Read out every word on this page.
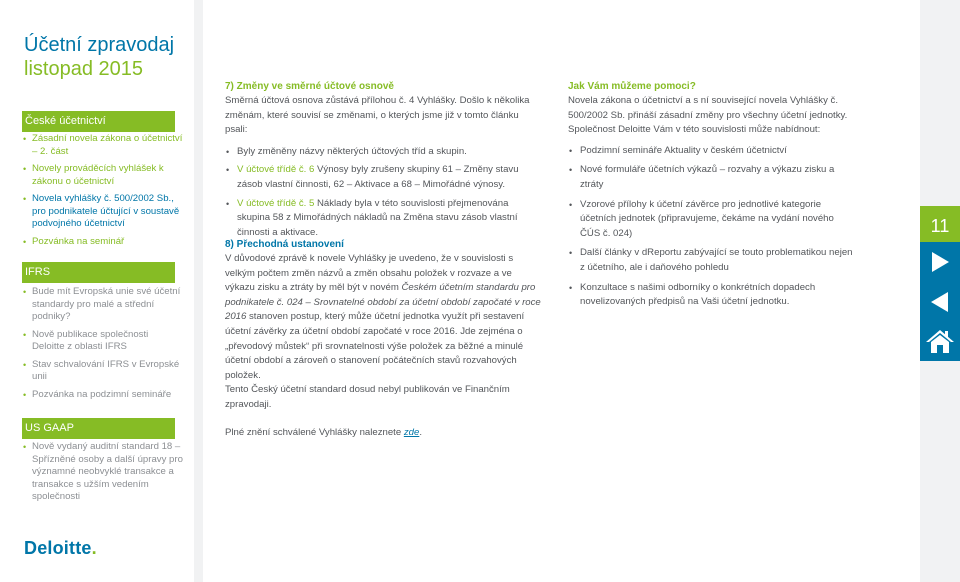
Účetní zpravodaj
listopad 2015
České účetnictví
• Zásadní novela zákona o účetnictví – 2. část
• Novely prováděcích vyhlášek k zákonu o účetnictví
• Novela vyhlášky č. 500/2002 Sb., pro podnikatele účtující v soustavě podvojného účetnictví
• Pozvánka na seminář
IFRS
• Bude mít Evropská unie své účetní standardy pro malé a střední podniky?
• Nově publikace společnosti Deloitte z oblasti IFRS
• Stav schvalování IFRS v Evropské unii
• Pozvánka na podzimní semináře
US GAAP
• Nově vydaný auditní standard 18 – Spřízněné osoby a další úpravy pro významné neobvyklé transakce a transakce s užším vedením společnosti
Deloitte.
7) Změny ve směrné účtové osnově

Směrná účtová osnova zůstává přílohou č. 4 Vyhlášky. Došlo k několika změnám, které souvisí se změnami, o kterých jsme již v tomto článku psali:

• Byly změněny názvy některých účtových tříd a skupin.
• V účtové třídě č. 6 Výnosy byly zrušeny skupiny 61 – Změny stavu zásob vlastní činnosti, 62 – Aktivace a 68 – Mimořádné výnosy.
• V účtové třídě č. 5 Náklady byla v této souvislosti přejmenována skupina 58 z Mimořádných nákladů na Změna stavu zásob vlastní činnosti a aktivace.
8) Přechodná ustanovení

V důvodové zprávě k novele Vyhlášky je uvedeno, že v souvislosti s velkým počtem změn názvů a změn obsahu položek v rozvaze a ve výkazu zisku a ztráty by měl být v novém Českém účetním standardu pro podnikatele č. 024 – Srovnatelné období za účetní období započaté v roce 2016 stanoven postup, který může účetní jednotka využít při sestavení účetní závěrky za účetní období započaté v roce 2016. Jde zejména o „převodový můstek“ při srovnatelnosti výše položek za běžné a minulé účetní období a zároveň o stanovení počátečních stavů rozvahových položek.

Tento Český účetní standard dosud nebyl publikován ve Finančním zpravodaji.

Plné znění schválené Vyhlášky naleznete zde.

Jak Vám můžeme pomoci?

Novela zákona o účetnictví a s ní související novela Vyhlášky č. 500/2002 Sb. přináší zásadní změny pro všechny účetní jednotky. Společnost Deloitte Vám v této souvislosti může nabídnout:

• Podzimní semináře Aktuality v českém účetnictví
• Nové formuláře účetních výkazů – rozvahy a výkazu zisku a ztráty
• Vzorové přílohy k účetní závěrce pro jednotlivé kategorie účetních jednotek (připravujeme, čekáme na vydání nového ČÚS č. 024)
• Další články v dReportu zabývající se touto problematikou nejen z účetního, ale i daňového pohledu
• Konzultace s našimi odborníky o konkrétních dopadech novelizovaných předpisů na Vaši účetní jednotku.
11
